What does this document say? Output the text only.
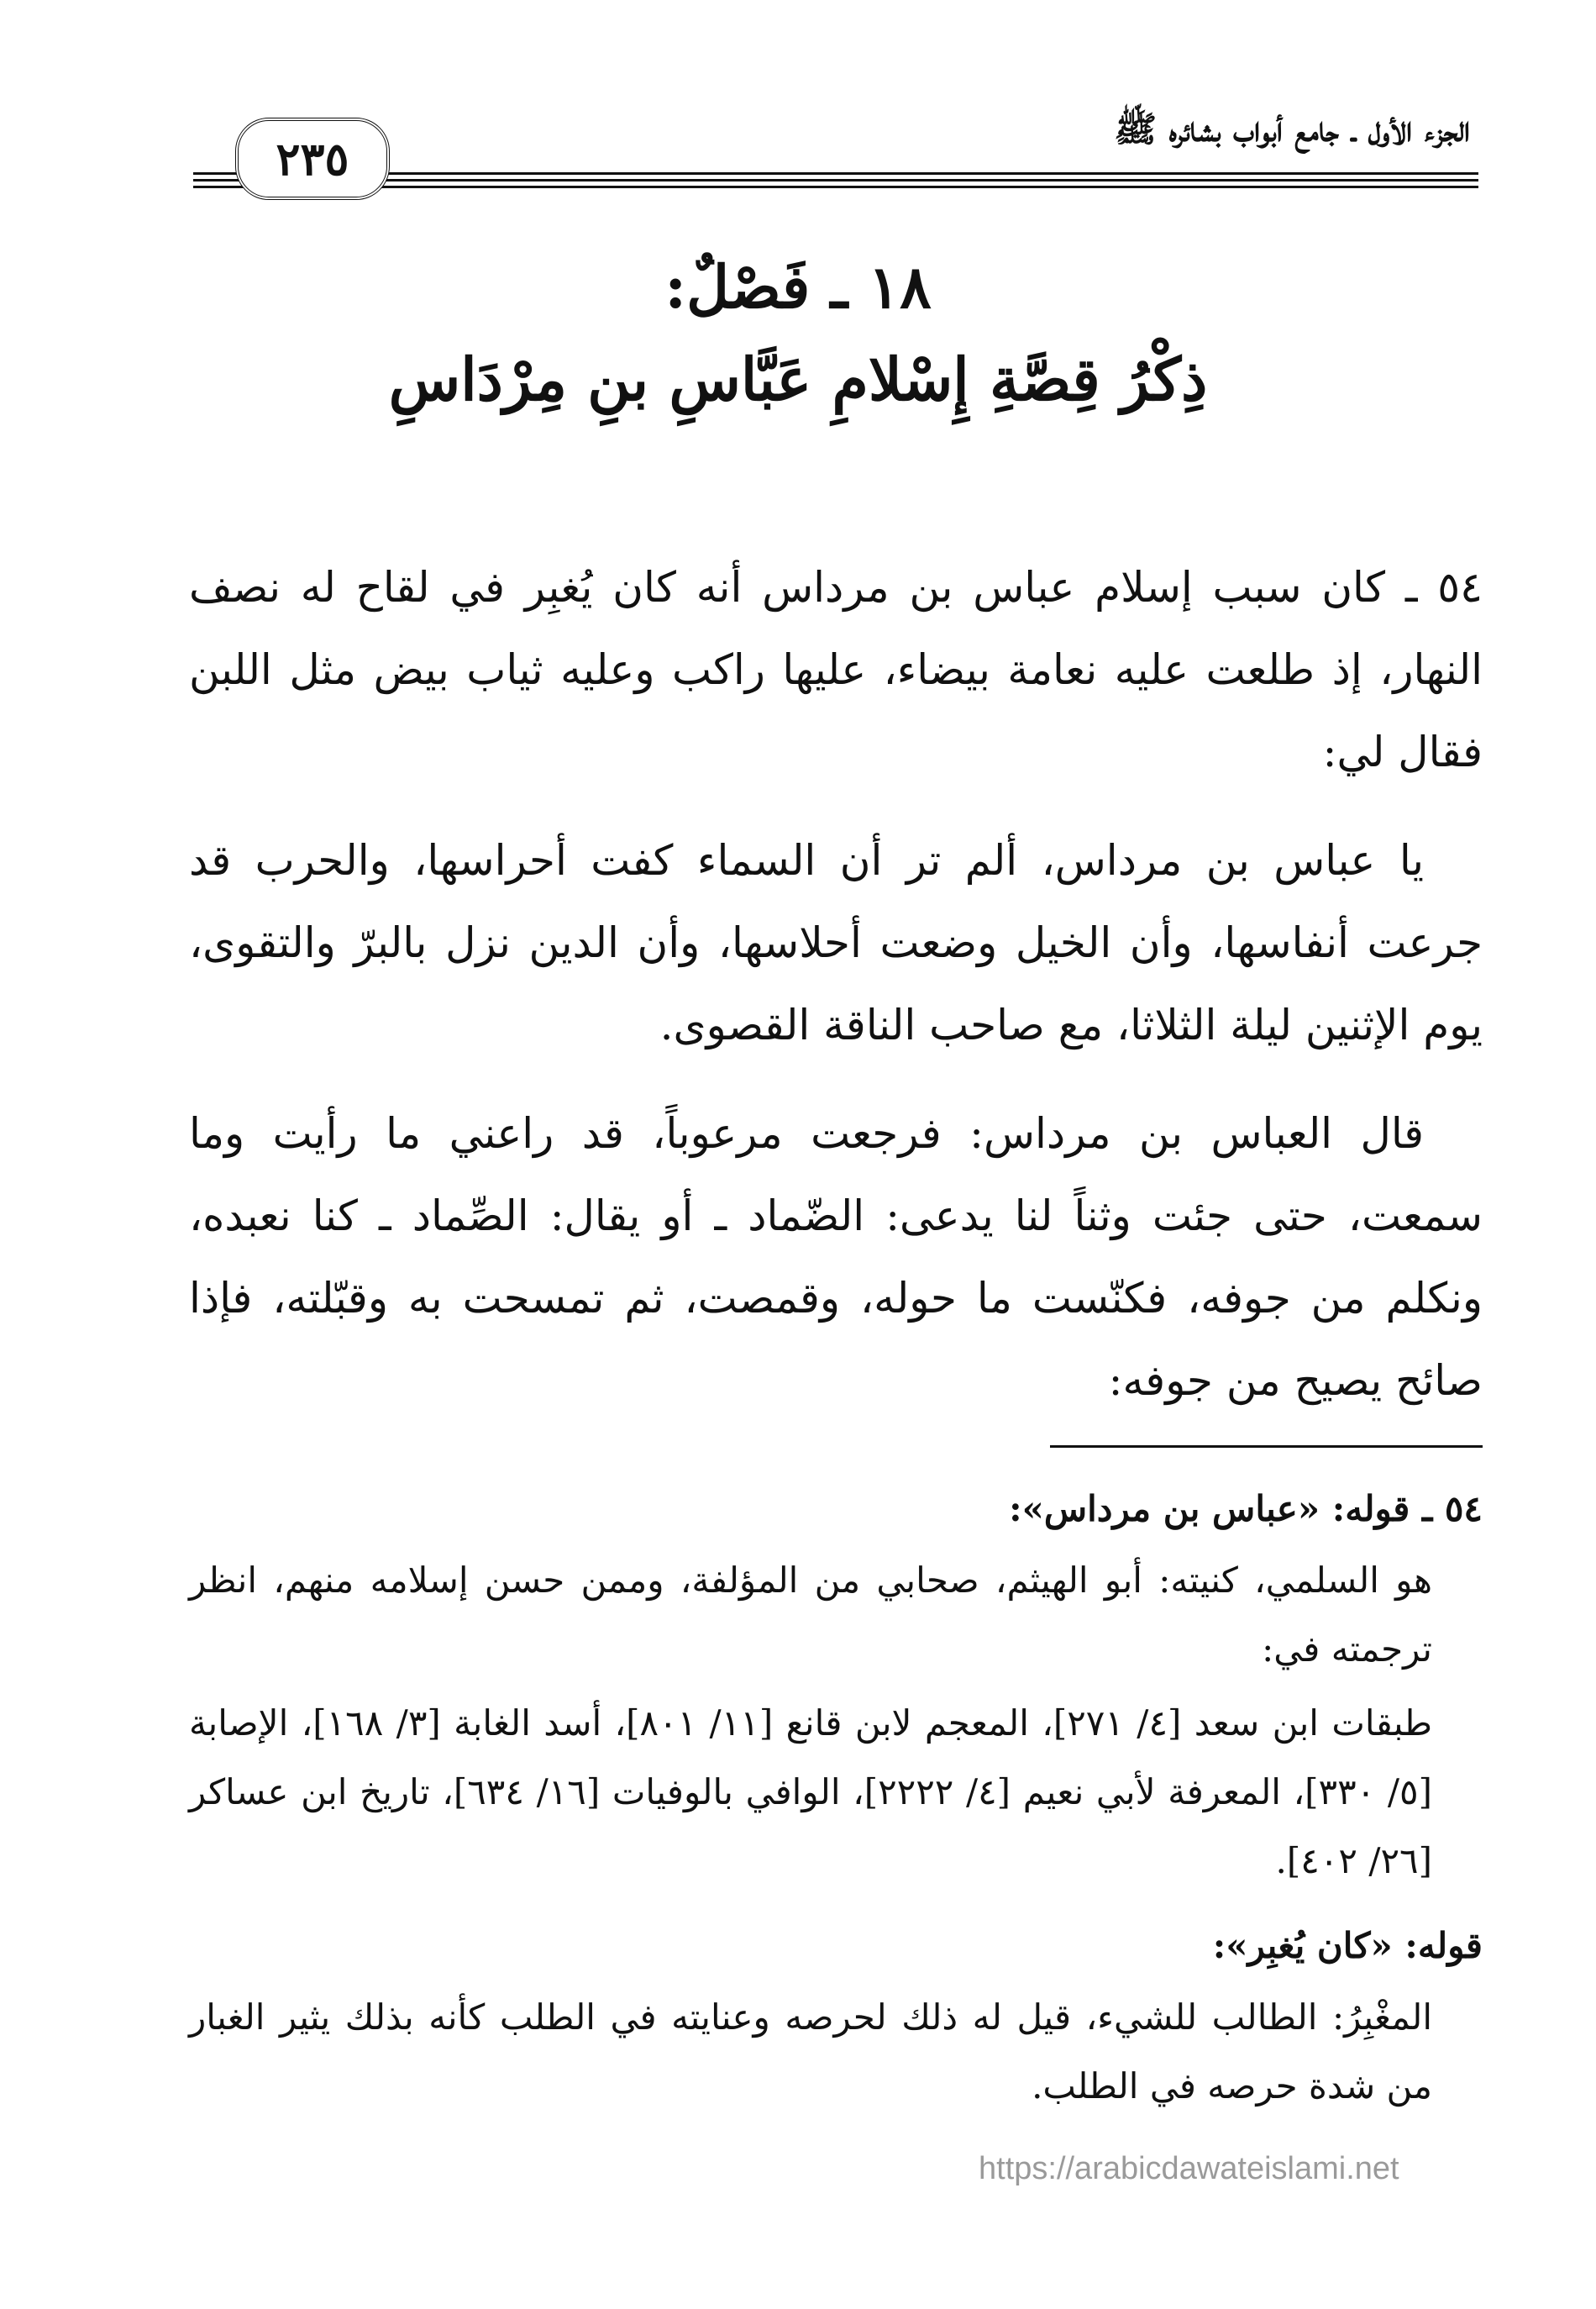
الجزء الأول ـ جامع أبواب بشائره ﷺ
٢٣٥
١٨ ـ فَصْلٌ:
ذِكْرُ قِصَّةِ إِسْلامِ عَبَّاسِ بنِ مِرْدَاسِ

٥٤ ـ كان سبب إسلام عباس بن مرداس أنه كان يُغبِر في لقاح له نصف النهار، إذ طلعت عليه نعامة بيضاء، عليها راكب وعليه ثياب بيض مثل اللبن فقال لي:

يا عباس بن مرداس، ألم تر أن السماء كفت أحراسها، والحرب قد جرعت أنفاسها، وأن الخيل وضعت أحلاسها، وأن الدين نزل بالبرّ والتقوى، يوم الإثنين ليلة الثلاثا، مع صاحب الناقة القصوى.

قال العباس بن مرداس: فرجعت مرعوباً، قد راعني ما رأيت وما سمعت، حتى جئت وثناً لنا يدعى: الضّماد ـ أو يقال: الصِّماد ـ كنا نعبده، ونكلم من جوفه، فكنّست ما حوله، وقمصت، ثم تمسحت به وقبّلته، فإذا صائح يصيح من جوفه:

٥٤ ـ قوله: «عباس بن مرداس»:
هو السلمي، كنيته: أبو الهيثم، صحابي من المؤلفة، وممن حسن إسلامه منهم، انظر ترجمته في:
طبقات ابن سعد [٤/ ٢٧١]، المعجم لابن قانع [١١/ ٨٠١]، أسد الغابة [٣/ ١٦٨]، الإصابة [٥/ ٣٣٠]، المعرفة لأبي نعيم [٤/ ٢٢٢٢]، الوافي بالوفيات [١٦/ ٦٣٤]، تاريخ ابن عساكر [٢٦/ ٤٠٢].
قوله: «كان يُغبِر»:
المغْبِرُ: الطالب للشيء، قيل له ذلك لحرصه وعنايته في الطلب كأنه بذلك يثير الغبار من شدة حرصه في الطلب.
https://arabicdawateislami.net
